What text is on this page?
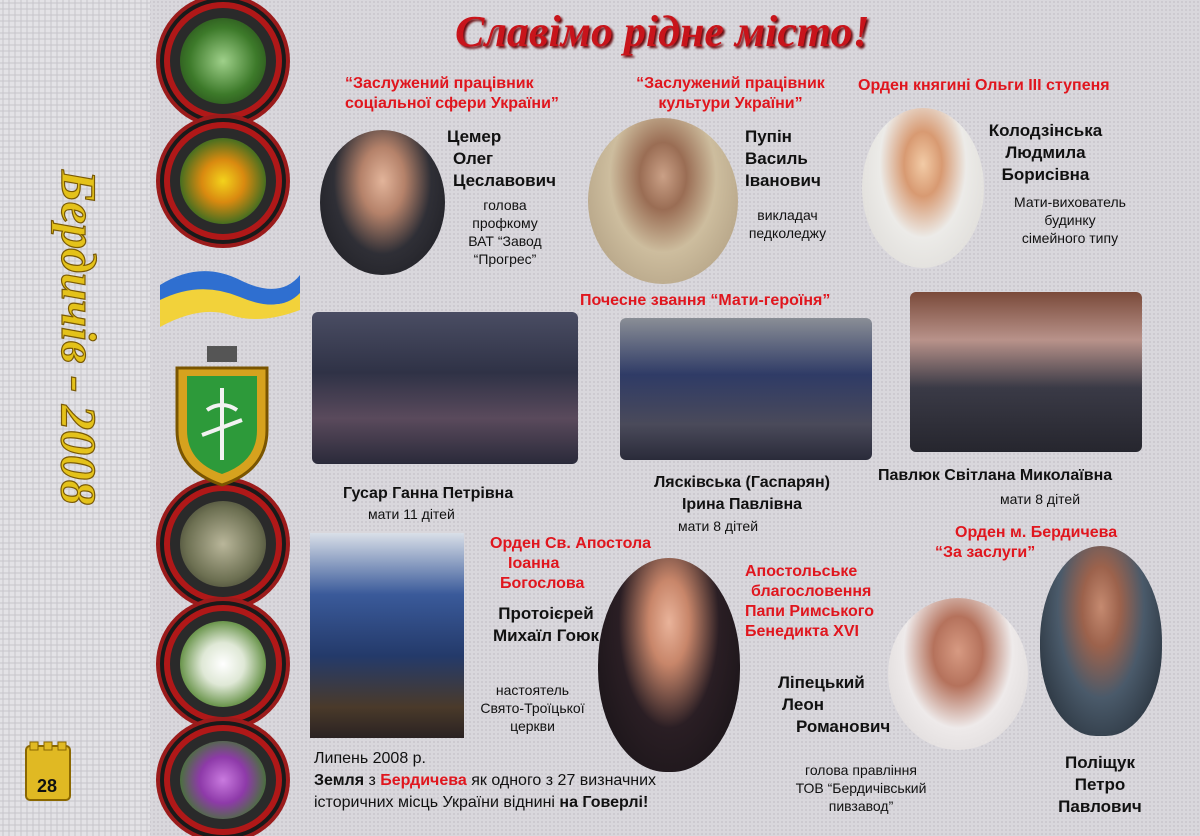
Бердичів - 2008
28
Славімо рідне місто!
“Заслужений працівник
соціальної сфери України”
Цемер
Олег
Цеславович
голова
профкому
ВАТ “Завод
“Прогрес”
“Заслужений працівник
культури України”
Пупін
Василь
Іванович
викладач
педколеджу
Орден княгині Ольги ІІІ ступеня
Колодзінська
Людмила
Борисівна
Мати-вихователь
будинку
сімейного типу
Почесне звання “Мати-героїня”
Гусар Ганна Петрівна
мати 11 дітей
Лясківська (Гаспарян)
Ірина Павлівна
мати 8 дітей
Павлюк Світлана Миколаївна
мати 8 дітей
Орден Св. Апостола
Іоанна
Богослова
Протоієрей
Михаїл Гоюк
настоятель
Свято-Троїцької
церкви
Апостольське
благословення
Папи Римського
Бенедикта XVI
Ліпецький
Леон
Романович
голова правління
ТОВ “Бердичівський
пивзавод”
Орден м. Бердичева
“За заслуги”
Поліщук
Петро
Павлович
Липень 2008 р.
Земля з Бердичева як одного з 27 визначних
історичних місць України віднині на Говерлі!
